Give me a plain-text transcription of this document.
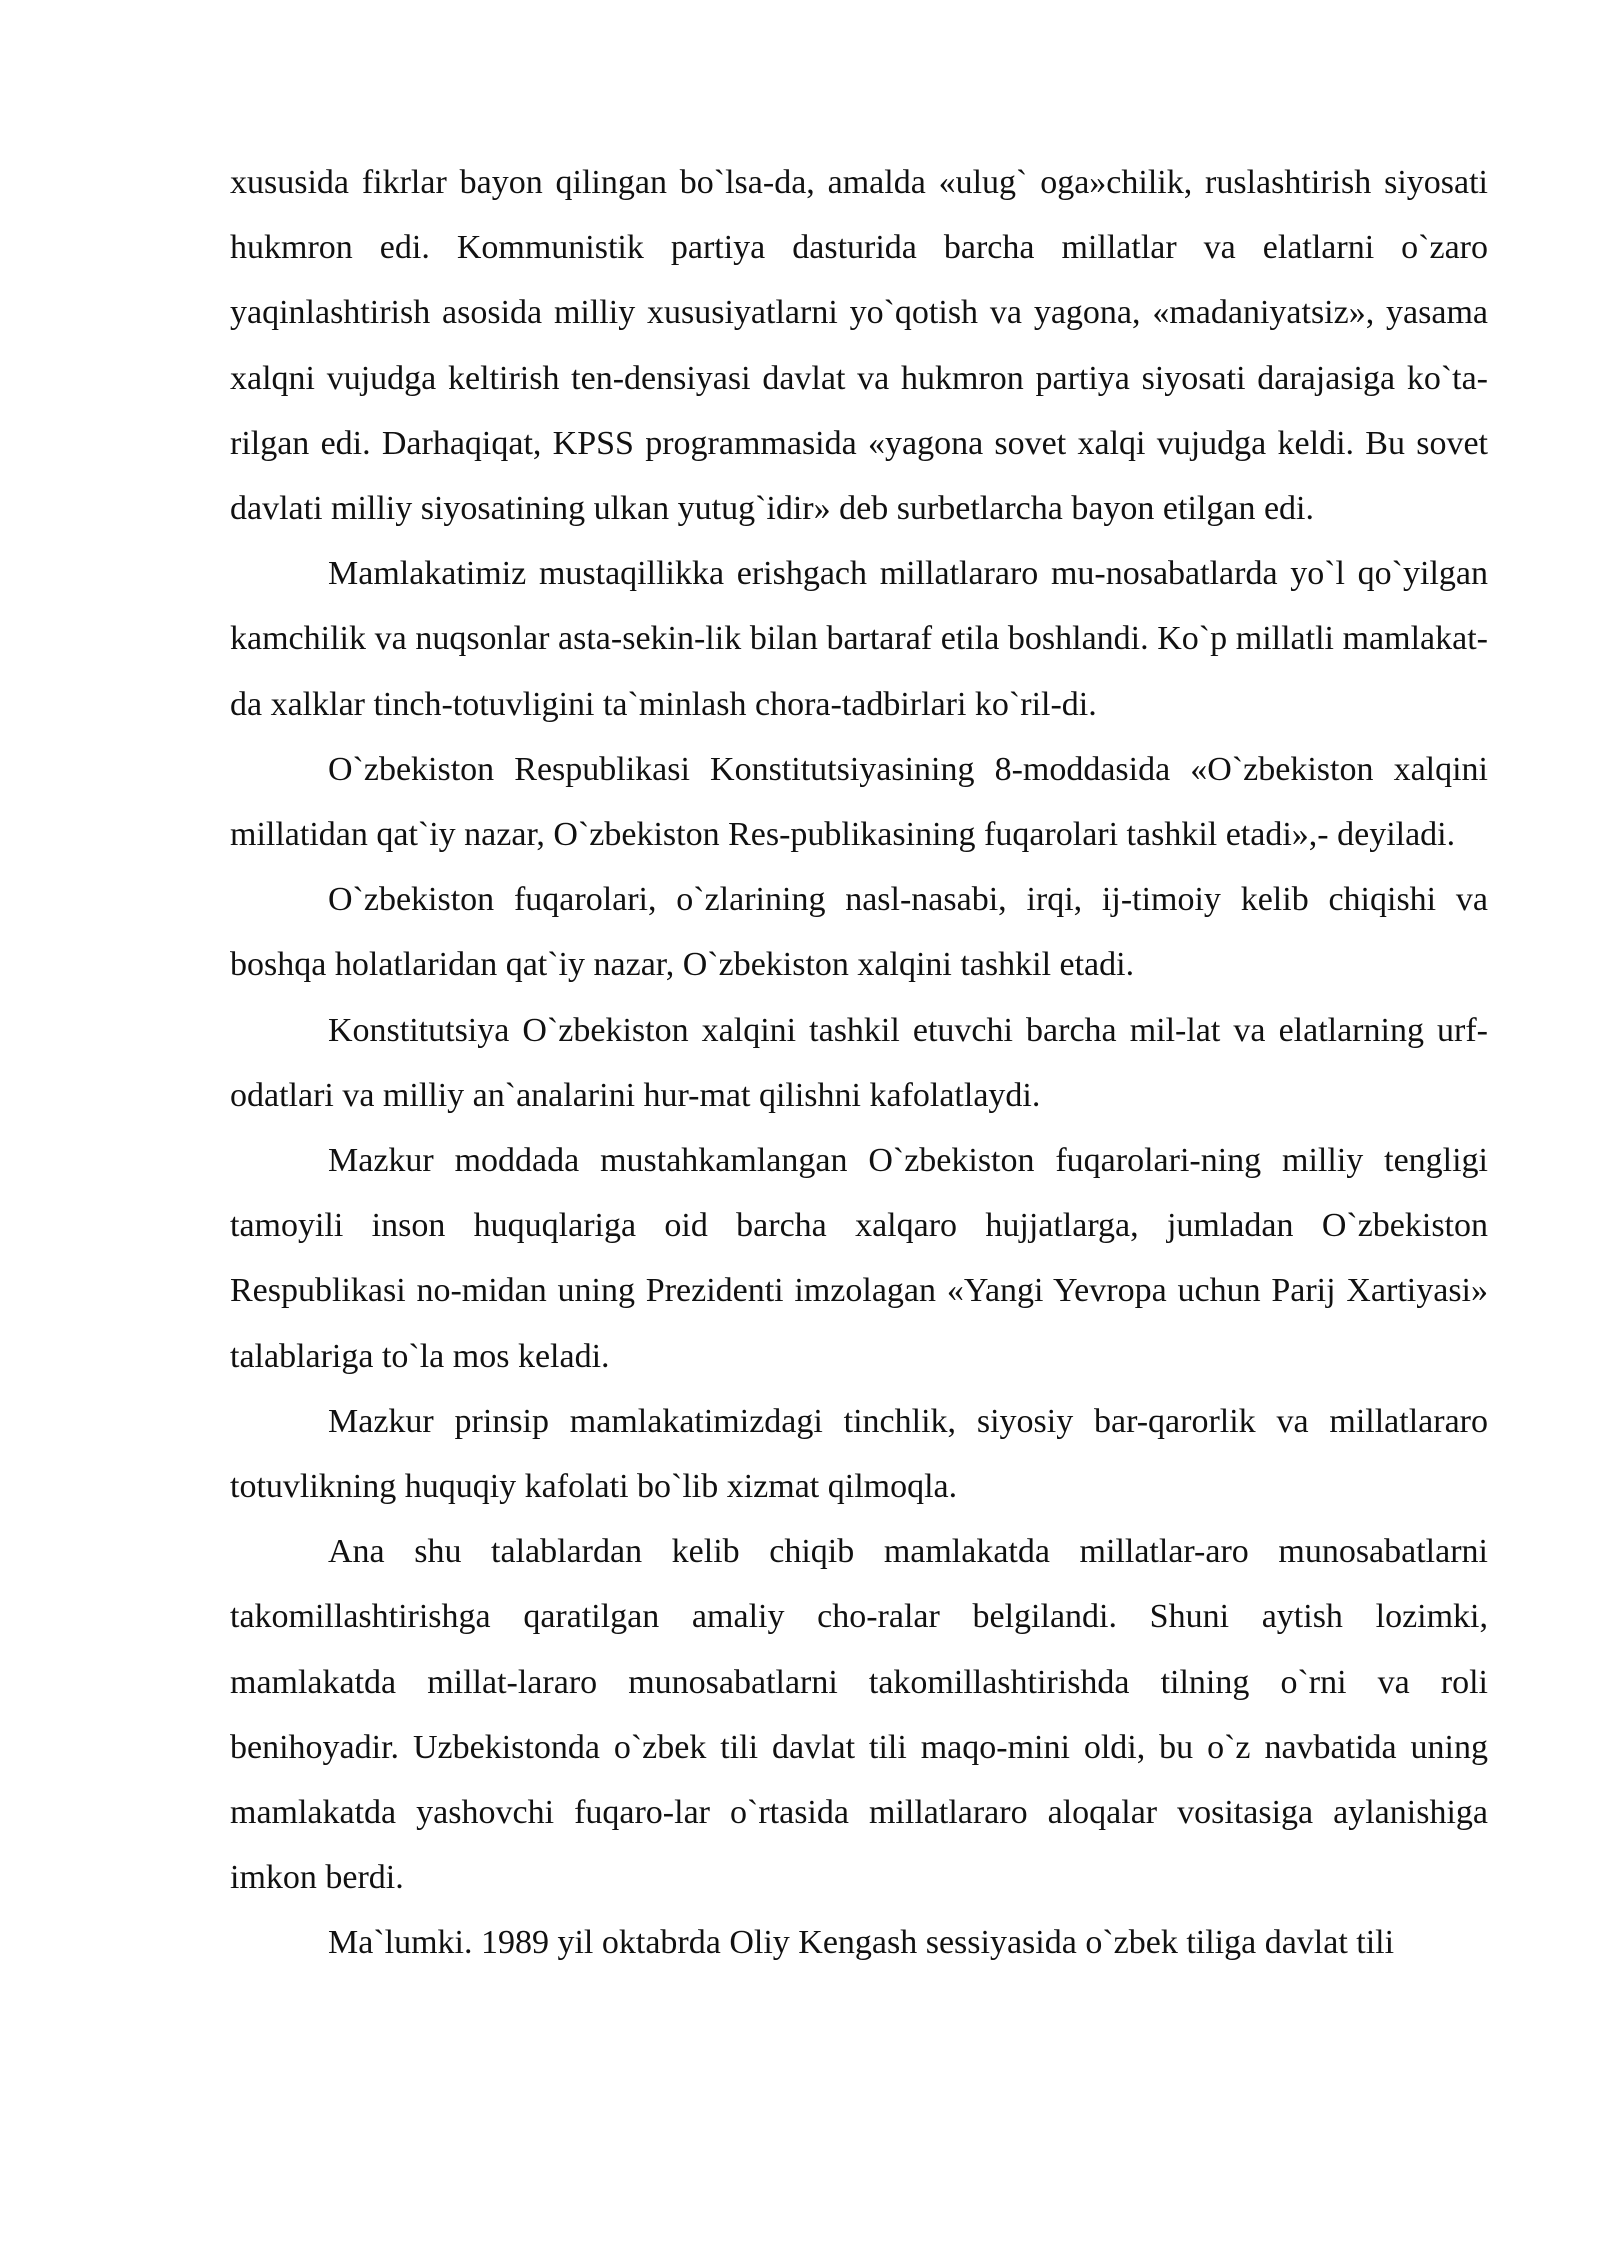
xususida fikrlar bayon qilingan bo`lsa-da, amalda «ulug` oga»chilik, ruslashtirish siyosati hukmron edi. Kommunistik partiya dasturida barcha millatlar va elatlarni o`zaro yaqinlashtirish asosida milliy xususiyatlarni yo`qotish va yagona, «madaniyatsiz», yasama xalqni vujudga keltirish ten-densiyasi davlat va hukmron partiya siyosati darajasiga ko`ta-rilgan edi. Darhaqiqat, KPSS programmasida «yagona sovet xalqi vujudga keldi. Bu sovet davlati milliy siyosatining ulkan yutug`idir» deb surbetlarcha bayon etilgan edi.

Mamlakatimiz mustaqillikka erishgach millatlararo mu-nosabatlarda yo`l qo`yilgan kamchilik va nuqsonlar asta-sekin-lik bilan bartaraf etila boshlandi. Ko`p millatli mamlakat-da xalklar tinch-totuvligini ta`minlash chora-tadbirlari ko`ril-di.

O`zbekiston Respublikasi Konstitutsiyasining 8-moddasida «O`zbekiston xalqini millatidan qat`iy nazar, O`zbekiston Res-publikasining fuqarolari tashkil etadi»,- deyiladi.

O`zbekiston fuqarolari, o`zlarining nasl-nasabi, irqi, ij-timoiy kelib chiqishi va boshqa holatlaridan qat`iy nazar, O`zbekiston xalqini tashkil etadi.

Konstitutsiya O`zbekiston xalqini tashkil etuvchi barcha mil-lat va elatlarning urf-odatlari va milliy an`analarini hur-mat qilishni kafolatlaydi.

Mazkur moddada mustahkamlangan O`zbekiston fuqarolari-ning milliy tengligi tamoyili inson huquqlariga oid barcha xalqaro hujjatlarga, jumladan O`zbekiston Respublikasi no-midan uning Prezidenti imzolagan «Yangi Yevropa uchun Parij Xartiyasi» talablariga to`la mos keladi.

Mazkur prinsip mamlakatimizdagi tinchlik, siyosiy bar-qarorlik va millatlararo totuvlikning huquqiy kafolati bo`lib xizmat qilmoqla.

Ana shu talablardan kelib chiqib mamlakatda millatlar-aro munosabatlarni takomillashtirishga qaratilgan amaliy cho-ralar belgilandi. Shuni aytish lozimki, mamlakatda millat-lararo munosabatlarni takomillashtirishda tilning o`rni va roli benihoyadir. Uzbekistonda o`zbek tili davlat tili maqo-mini oldi, bu o`z navbatida uning mamlakatda yashovchi fuqaro-lar o`rtasida millatlararo aloqalar vositasiga aylanishiga imkon berdi.

Ma`lumki. 1989 yil oktabrda Oliy Kengash sessiyasida o`zbek tiliga davlat tili
